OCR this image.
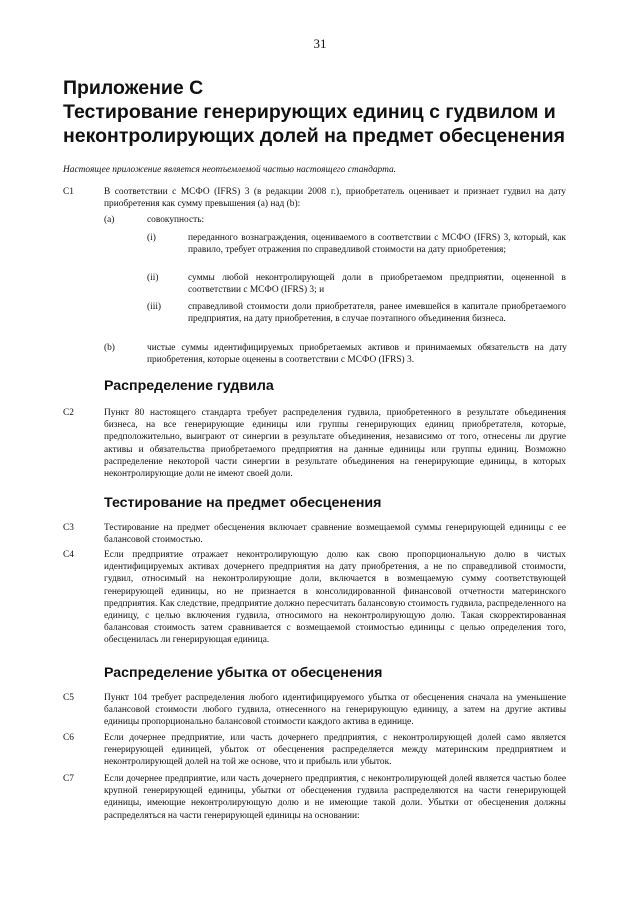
31
Приложение С
Тестирование генерирующих единиц с гудвилом и
неконтролирующих долей на предмет обесценения
Настоящее приложение является неотъемлемой частью настоящего стандарта.
C1	В соответствии с МСФО (IFRS) 3 (в редакции 2008 г.), приобретатель оценивает и признает гудвил на дату приобретения как сумму превышения (а) над (b):
(a)	совокупность:
(i)	переданного вознаграждения, оцениваемого в соответствии с МСФО (IFRS) 3, который, как правило, требует отражения по справедливой стоимости на дату приобретения;
(ii)	суммы любой неконтролирующей доли в приобретаемом предприятии, оцененной в соответствии с МСФО (IFRS) 3; и
(iii)	справедливой стоимости доли приобретателя, ранее имевшейся в капитале приобретаемого предприятия, на дату приобретения, в случае поэтапного объединения бизнеса.
(b)	чистые суммы идентифицируемых приобретаемых активов и принимаемых обязательств на дату приобретения, которые оценены в соответствии с МСФО (IFRS) 3.
Распределение гудвила
C2	Пункт 80 настоящего стандарта требует распределения гудвила, приобретенного в результате объединения бизнеса, на все генерирующие единицы или группы генерирующих единиц приобретателя, которые, предположительно, выиграют от синергии в результате объединения, независимо от того, отнесены ли другие активы и обязательства приобретаемого предприятия на данные единицы или группы единиц. Возможно распределение некоторой части синергии в результате объединения на генерирующие единицы, в которых неконтролирующие доли не имеют своей доли.
Тестирование на предмет обесценения
C3	Тестирование на предмет обесценения включает сравнение возмещаемой суммы генерирующей единицы с ее балансовой стоимостью.
C4	Если предприятие отражает неконтролирующую долю как свою пропорциональную долю в чистых идентифицируемых активах дочернего предприятия на дату приобретения, а не по справедливой стоимости, гудвил, относимый на неконтролирующие доли, включается в возмещаемую сумму соответствующей генерирующей единицы, но не признается в консолидированной финансовой отчетности материнского предприятия. Как следствие, предприятие должно пересчитать балансовую стоимость гудвила, распределенного на единицу, с целью включения гудвила, относимого на неконтролирующую долю. Такая скорректированная балансовая стоимость затем сравнивается с возмещаемой стоимостью единицы с целью определения того, обесценилась ли генерирующая единица.
Распределение убытка от обесценения
C5	Пункт 104 требует распределения любого идентифицируемого убытка от обесценения сначала на уменьшение балансовой стоимости любого гудвила, отнесенного на генерирующую единицу, а затем на другие активы единицы пропорционально балансовой стоимости каждого актива в единице.
C6	Если дочернее предприятие, или часть дочернего предприятия, с неконтролирующей долей само является генерирующей единицей, убыток от обесценения распределяется между материнским предприятием и неконтролирующей долей на той же основе, что и прибыль или убыток.
C7	Если дочернее предприятие, или часть дочернего предприятия, с неконтролирующей долей является частью более крупной генерирующей единицы, убытки от обесценения гудвила распределяются на части генерирующей единицы, имеющие неконтролирующую долю и не имеющие такой доли. Убытки от обесценения должны распределяться на части генерирующей единицы на основании:
